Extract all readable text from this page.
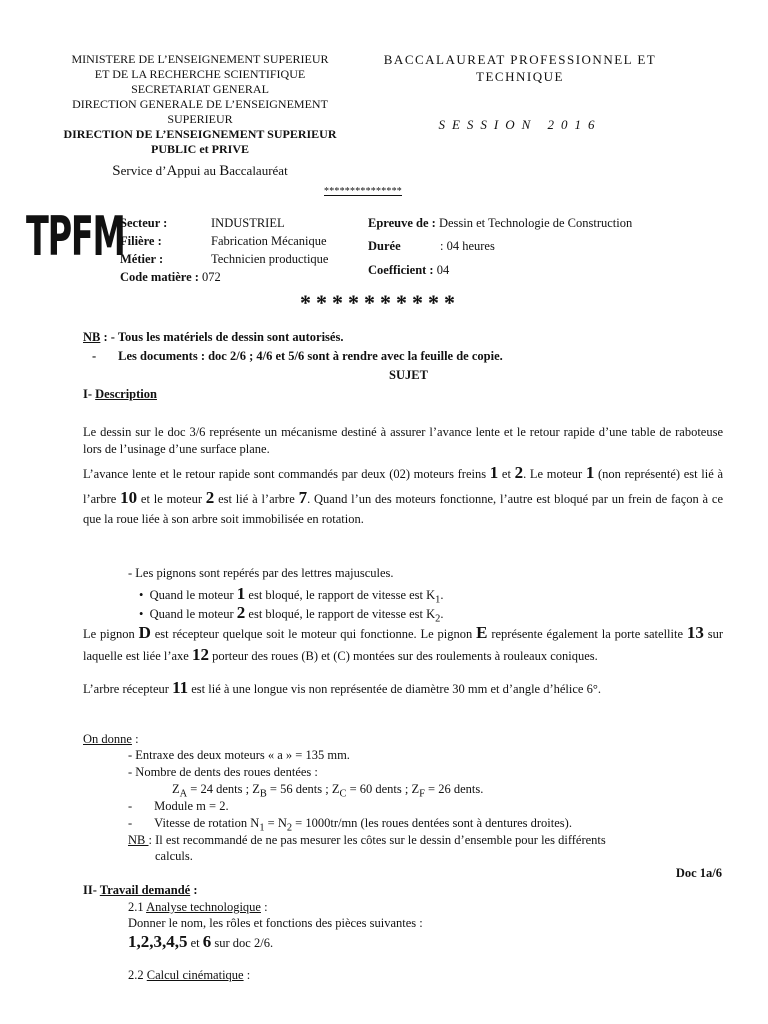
MINISTERE DE L’ENSEIGNEMENT SUPERIEUR
ET DE LA RECHERCHE SCIENTIFIQUE
SECRETARIAT GENERAL
DIRECTION GENERALE DE L’ENSEIGNEMENT
SUPERIEUR
DIRECTION DE L’ENSEIGNEMENT SUPERIEUR
PUBLIC et PRIVE
Service d’Appui au Baccalauréat
BACCALAUREAT PROFESSIONNEL ET
TECHNIQUE
SESSION 2016
***************
TPFM
Secteur :	INDUSTRIEL
Filière :	Fabrication Mécanique
Métier :	Technicien productique
Code matière : 072
Epreuve de : Dessin et Technologie de Construction
Durée	: 04 heures
Coefficient : 04
**********
NB : - Tous les matériels de dessin sont autorisés.
- Les documents : doc 2/6 ; 4/6 et 5/6 sont à rendre avec la feuille de copie.
SUJET
I- Description
Le dessin sur le doc 3/6 représente un mécanisme destiné à assurer l’avance lente et le retour rapide d’une table de raboteuse lors de l’usinage d’une surface plane.
L’avance lente et le retour rapide sont commandés par deux (02) moteurs freins 1 et 2. Le moteur 1 (non représenté) est lié à l’arbre 10 et le moteur 2 est lié à l’arbre 7. Quand l’un des moteurs fonctionne, l’autre est bloqué par un frein de façon à ce que la roue liée à son arbre soit immobilisée en rotation.
- Les pignons sont repérés par des lettres majuscules.
•  Quand le moteur 1 est bloqué, le rapport de vitesse est $K_1$.
•  Quand le moteur 2 est bloqué, le rapport de vitesse est $K_2$.
Le pignon D est récepteur quelque soit le moteur qui fonctionne. Le pignon E représente également la porte satellite 13 sur laquelle est liée l’axe 12 porteur des roues (B) et (C) montées sur des roulements à rouleaux coniques.
L’arbre récepteur 11 est lié à une longue vis non représentée de diamètre 30 mm et d’angle d’hélice 6°.
On donne :
- Entraxe des deux moteurs « a » = 135 mm.
- Nombre de dents des roues dentées :
$Z_A = 24$ dents ; $Z_B = 56$ dents ; $Z_C = 60$ dents ; $Z_F = 26$ dents.
- Module m = 2.
- Vitesse de rotation $N_1 = N_2 = 1000tr/mn$ (les roues dentées sont à dentures droites).
NB : Il est recommandé de ne pas mesurer les côtes sur le dessin d’ensemble pour les différents
calculs.
Doc 1a/6
II- Travail demandé :
2.1 Analyse technologique :
Donner le nom, les rôles et fonctions des pièces suivantes :
1,2,3,4,5 et 6 sur doc 2/6.
2.2 Calcul cinématique :
